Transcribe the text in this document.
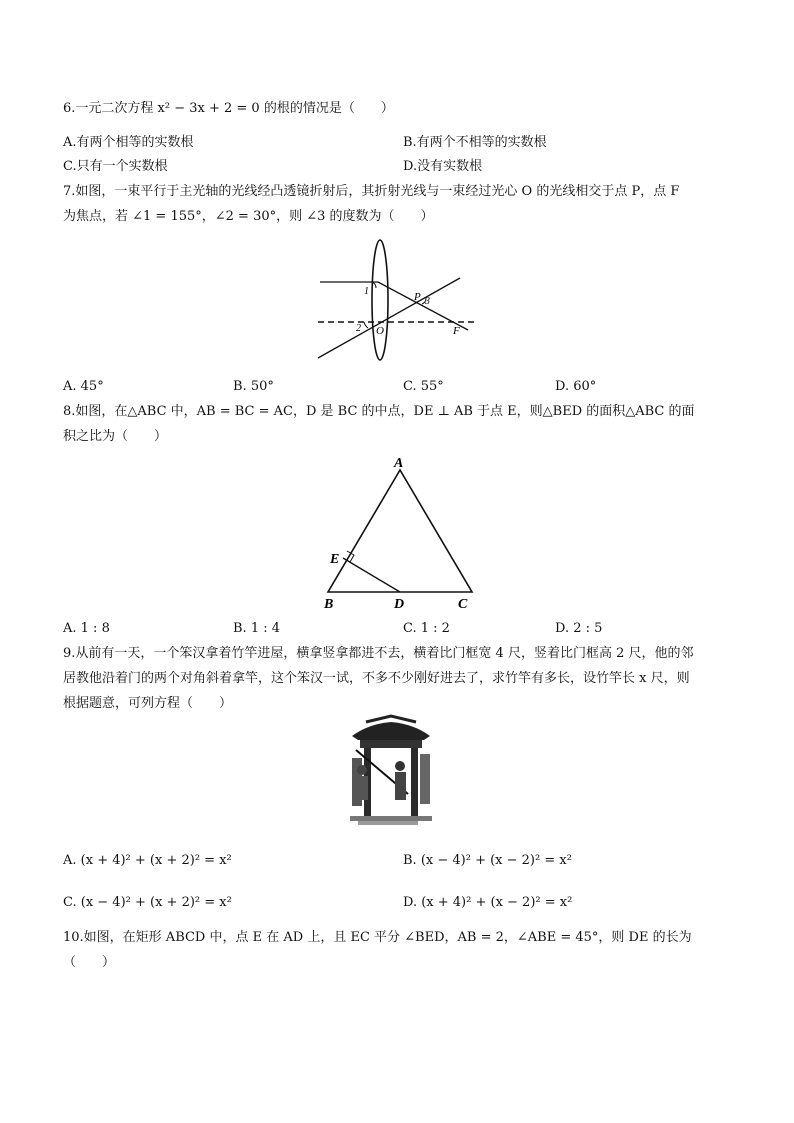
6.一元二次方程 x² − 3x + 2 = 0 的根的情况是（　　）
A.有两个相等的实数根	B.有两个不相等的实数根
C.只有一个实数根	D.没有实数根
7.如图，一束平行于主光轴的光线经凸透镜折射后，其折射光线与一束经过光心 O 的光线相交于点 P，点 F
为焦点，若 ∠1 = 155°，∠2 = 30°，则 ∠3 的度数为（　　）
1
2
3
O
P
F
A. 45°	B. 50°	C. 55°	D. 60°
8.如图，在△ABC 中，AB = BC = AC，D 是 BC 的中点，DE ⊥ AB 于点 E，则△BED 的面积△ABC 的面
积之比为（　　）
A
B	C
D
E
A. 1 : 8	B. 1 : 4	C. 1 : 2	D. 2 : 5
9.从前有一天，一个笨汉拿着竹竿进屋，横拿竖拿都进不去，横着比门框宽 4 尺，竖着比门框高 2 尺，他的邻
居教他沿着门的两个对角斜着拿竿，这个笨汉一试，不多不少刚好进去了，求竹竿有多长，设竹竿长 x 尺，则
根据题意，可列方程（　　）
A. (x + 4)² + (x + 2)² = x²	B. (x − 4)² + (x − 2)² = x²
C. (x − 4)² + (x + 2)² = x²	D. (x + 4)² + (x − 2)² = x²
10.如图，在矩形 ABCD 中，点 E 在 AD 上，且 EC 平分 ∠BED，AB = 2，∠ABE = 45°，则 DE 的长为
（　　）
